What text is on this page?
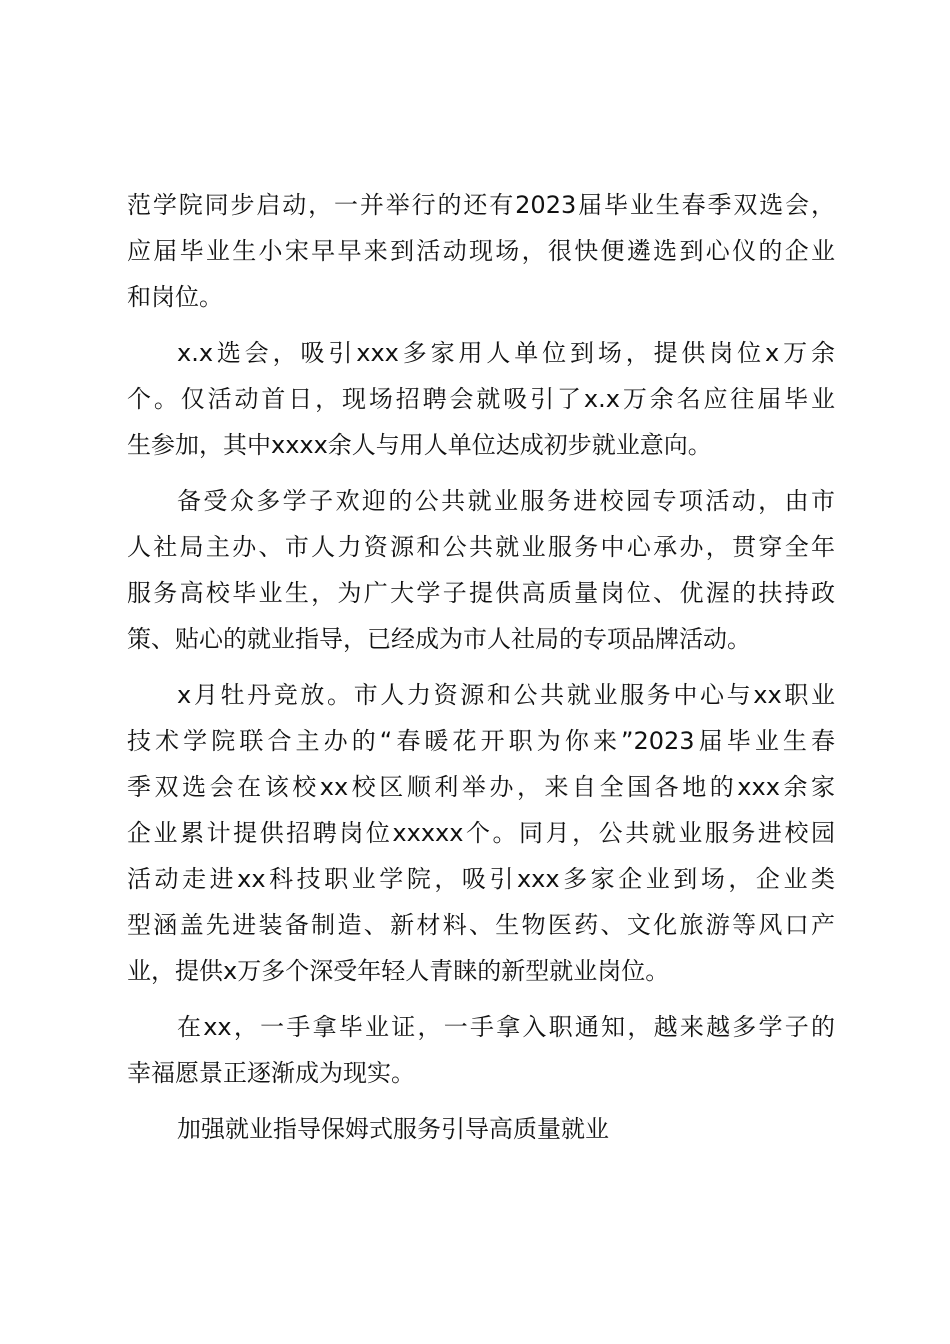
范学院同步启动，一并举行的还有2023届毕业生春季双选会，
应届毕业生小宋早早来到活动现场，很快便遴选到心仪的企业
和岗位。
x.x选会，吸引xxx多家用人单位到场，提供岗位x万余
个。仅活动首日，现场招聘会就吸引了x.x万余名应往届毕业
生参加，其中xxxx余人与用人单位达成初步就业意向。
备受众多学子欢迎的公共就业服务进校园专项活动，由市
人社局主办、市人力资源和公共就业服务中心承办，贯穿全年
服务高校毕业生，为广大学子提供高质量岗位、优渥的扶持政
策、贴心的就业指导，已经成为市人社局的专项品牌活动。
x月牡丹竞放。市人力资源和公共就业服务中心与xx职业
技术学院联合主办的“春暖花开职为你来”2023届毕业生春
季双选会在该校xx校区顺利举办，来自全国各地的xxx余家
企业累计提供招聘岗位xxxxx个。同月，公共就业服务进校园
活动走进xx科技职业学院，吸引xxx多家企业到场，企业类
型涵盖先进装备制造、新材料、生物医药、文化旅游等风口产
业，提供x万多个深受年轻人青睐的新型就业岗位。
在xx，一手拿毕业证，一手拿入职通知，越来越多学子的
幸福愿景正逐渐成为现实。
加强就业指导保姆式服务引导高质量就业
